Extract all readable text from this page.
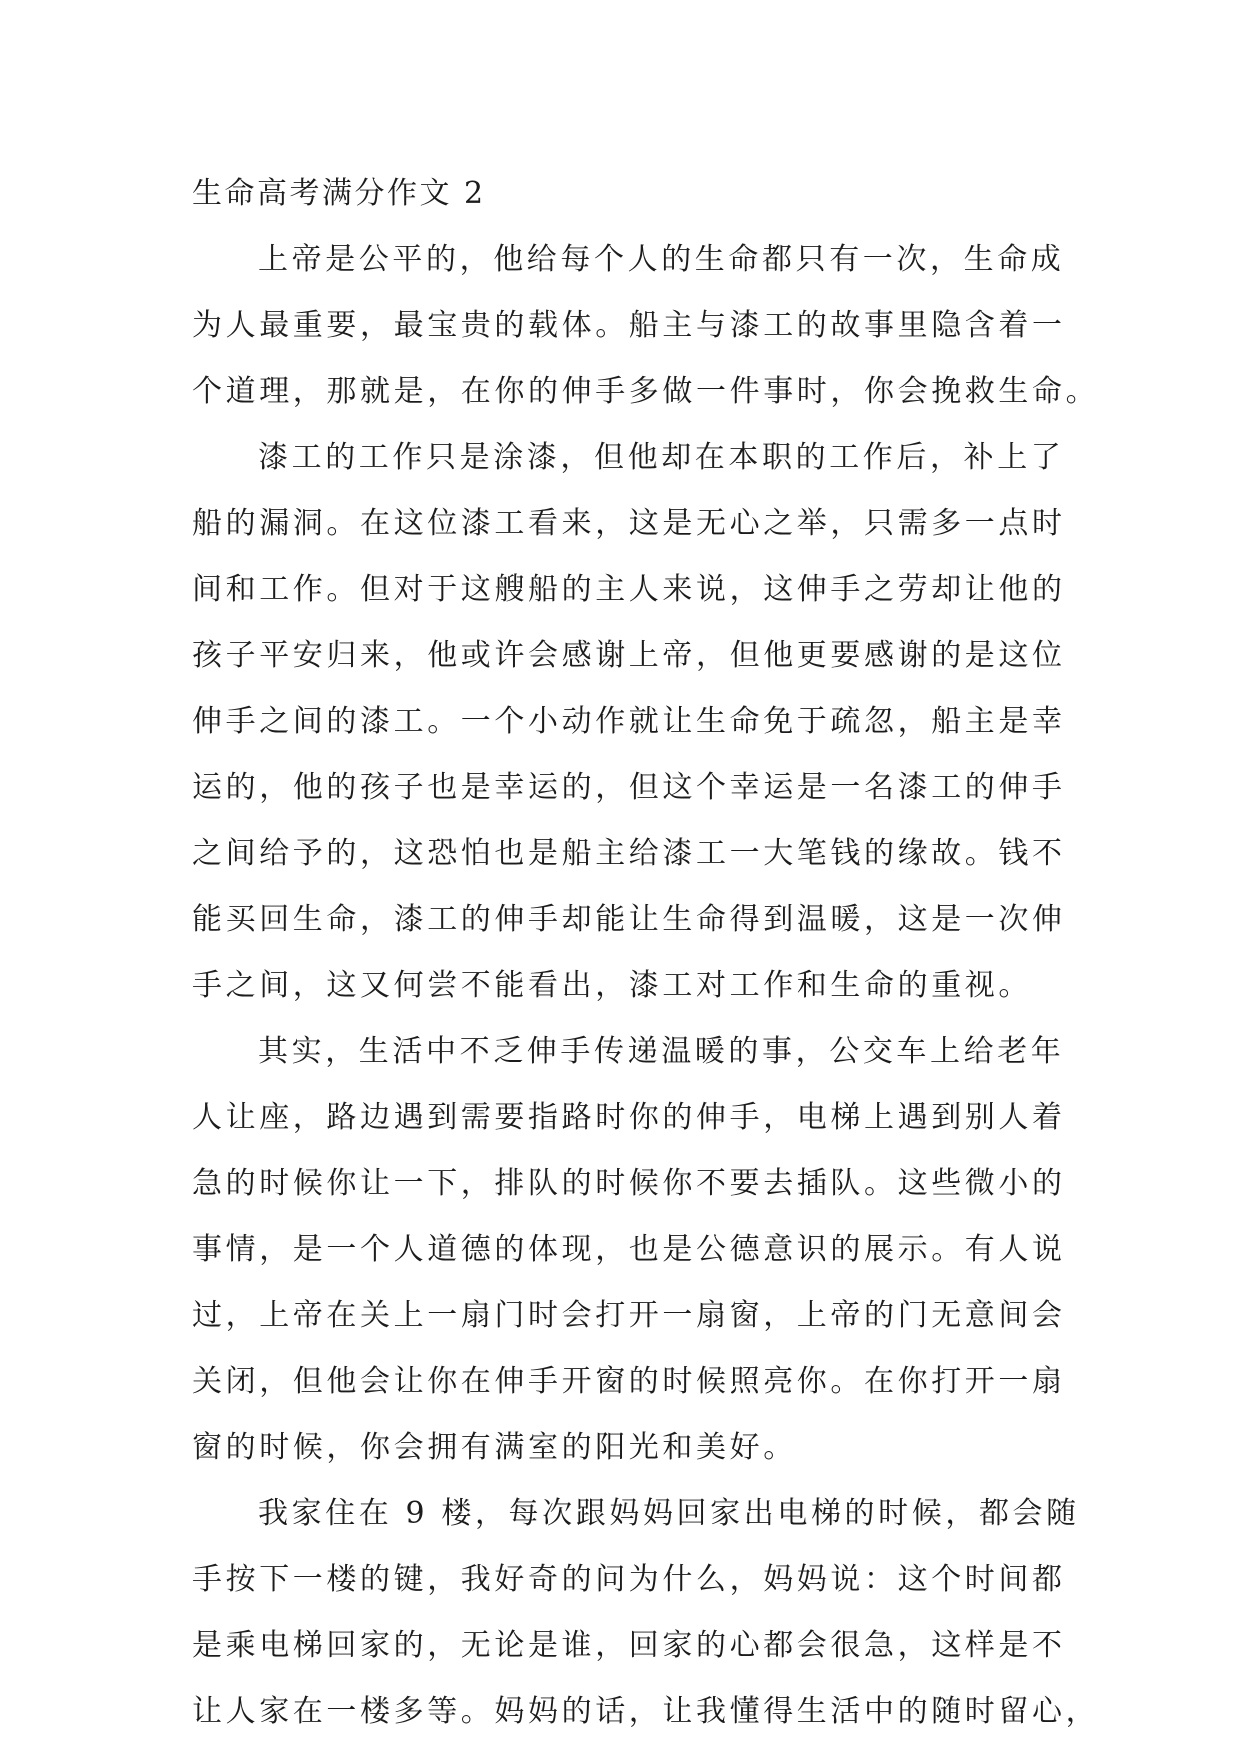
生命高考满分作文 2
上帝是公平的，他给每个人的生命都只有一次，生命成
为人最重要，最宝贵的载体。船主与漆工的故事里隐含着一
个道理，那就是，在你的伸手多做一件事时，你会挽救生命。
漆工的工作只是涂漆，但他却在本职的工作后，补上了
船的漏洞。在这位漆工看来，这是无心之举，只需多一点时
间和工作。但对于这艘船的主人来说，这伸手之劳却让他的
孩子平安归来，他或许会感谢上帝，但他更要感谢的是这位
伸手之间的漆工。一个小动作就让生命免于疏忽，船主是幸
运的，他的孩子也是幸运的，但这个幸运是一名漆工的伸手
之间给予的，这恐怕也是船主给漆工一大笔钱的缘故。钱不
能买回生命，漆工的伸手却能让生命得到温暖，这是一次伸
手之间，这又何尝不能看出，漆工对工作和生命的重视。
其实，生活中不乏伸手传递温暖的事，公交车上给老年
人让座，路边遇到需要指路时你的伸手，电梯上遇到别人着
急的时候你让一下，排队的时候你不要去插队。这些微小的
事情，是一个人道德的体现，也是公德意识的展示。有人说
过，上帝在关上一扇门时会打开一扇窗，上帝的门无意间会
关闭，但他会让你在伸手开窗的时候照亮你。在你打开一扇
窗的时候，你会拥有满室的阳光和美好。
我家住在 9 楼，每次跟妈妈回家出电梯的时候，都会随
手按下一楼的键，我好奇的问为什么，妈妈说：这个时间都
是乘电梯回家的，无论是谁，回家的心都会很急，这样是不
让人家在一楼多等。妈妈的话，让我懂得生活中的随时留心，
